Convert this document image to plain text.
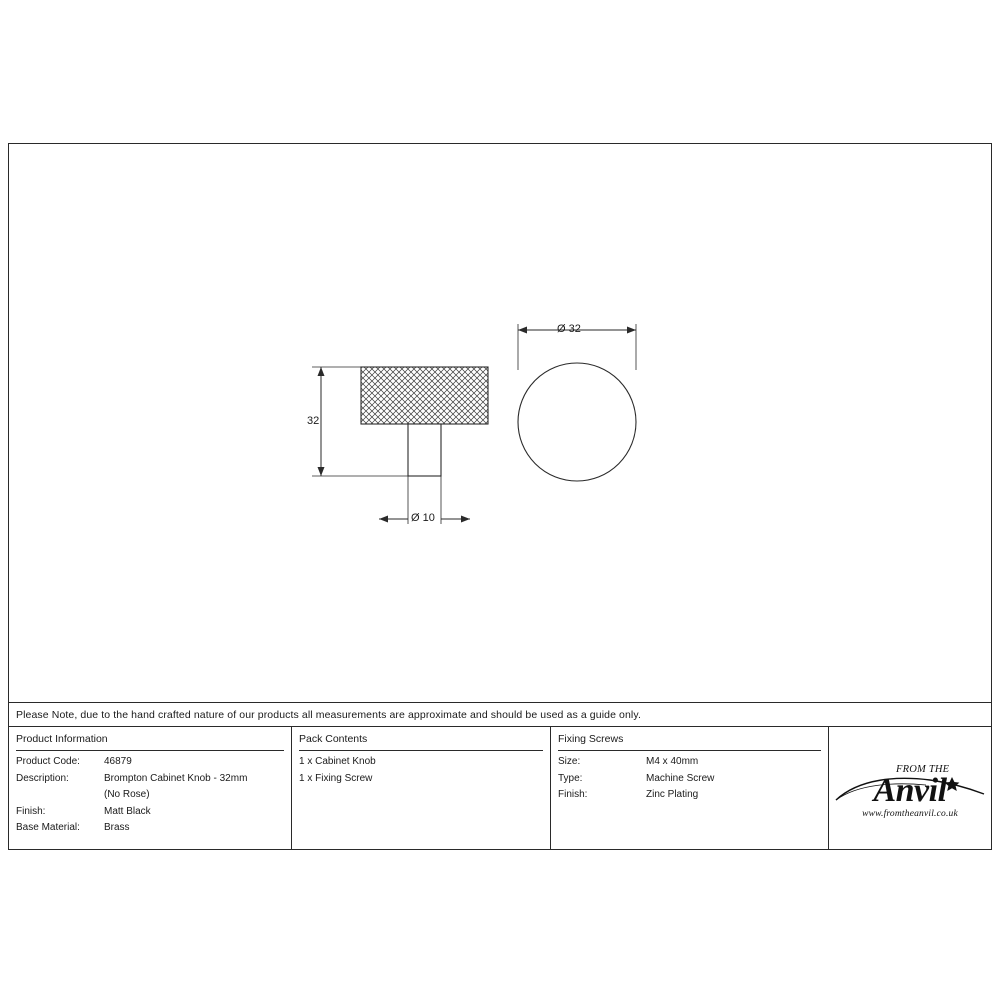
32
Ø 10
Ø 32
Please Note, due to the hand crafted nature of our products all measurements are approximate and should be used as a guide only.
Product Information
Product Code:	46879
Description:	Brompton Cabinet Knob - 32mm
(No Rose)
Finish:	Matt Black
Base Material:	Brass
Pack Contents
1 x Cabinet Knob
1 x Fixing Screw
Fixing Screws
Size:	M4 x 40mm
Type:	Machine Screw
Finish:	Zinc Plating
FROM THE
Anvil
www.fromtheanvil.co.uk
